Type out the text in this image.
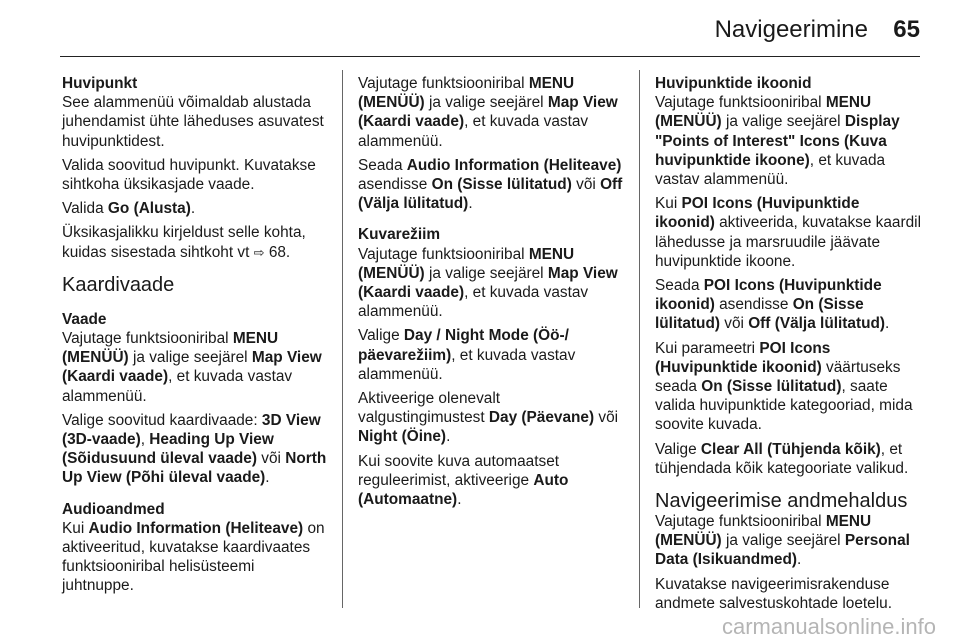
Navigeerimine 65

Huvipunkt

See alammenüü võimaldab alustada juhendamist ühte läheduses asuvatest huvipunktidest.

Valida soovitud huvipunkt. Kuvatakse sihtkoha üksikasjade vaade.

Valida Go (Alusta).

Üksikasjalikku kirjeldust selle kohta, kuidas sisestada sihtkoht vt ⇨ 68.

Kaardivaade

Vaade

Vajutage funktsiooniribal MENU (MENÜÜ) ja valige seejärel Map View (Kaardi vaade), et kuvada vastav alammenüü.

Valige soovitud kaardivaade: 3D View (3D-vaade), Heading Up View (Sõidusuund üleval vaade) või North Up View (Põhi üleval vaade).

Audioandmed

Kui Audio Information (Heliteave) on aktiveeritud, kuvatakse kaardivaates funktsiooniribal helisüsteemi juhtnuppe.

Vajutage funktsiooniribal MENU (MENÜÜ) ja valige seejärel Map View (Kaardi vaade), et kuvada vastav alammenüü.

Seada Audio Information (Heliteave) asendisse On (Sisse lülitatud) või Off (Välja lülitatud).

Kuvarežiim

Vajutage funktsiooniribal MENU (MENÜÜ) ja valige seejärel Map View (Kaardi vaade), et kuvada vastav alammenüü.

Valige Day / Night Mode (Öö-/ päevarežiim), et kuvada vastav alammenüü.

Aktiveerige olenevalt valgustingimustest Day (Päevane) või Night (Öine).

Kui soovite kuva automaatset reguleerimist, aktiveerige Auto (Automaatne).

Huvipunktide ikoonid

Vajutage funktsiooniribal MENU (MENÜÜ) ja valige seejärel Display "Points of Interest" Icons (Kuva huvipunktide ikoone), et kuvada vastav alammenüü.

Kui POI Icons (Huvipunktide ikoonid) aktiveerida, kuvatakse kaardil lähedusse ja marsruudile jäävate huvipunktide ikoone.

Seada POI Icons (Huvipunktide ikoonid) asendisse On (Sisse lülitatud) või Off (Välja lülitatud).

Kui parameetri POI Icons (Huvipunktide ikoonid) väärtuseks seada On (Sisse lülitatud), saate valida huvipunktide kategooriad, mida soovite kuvada.

Valige Clear All (Tühjenda kõik), et tühjendada kõik kategooriate valikud.

Navigeerimise andmehaldus

Vajutage funktsiooniribal MENU (MENÜÜ) ja valige seejärel Personal Data (Isikuandmed).

Kuvatakse navigeerimisrakenduse andmete salvestuskohtade loetelu.

carmanualsonline.info
